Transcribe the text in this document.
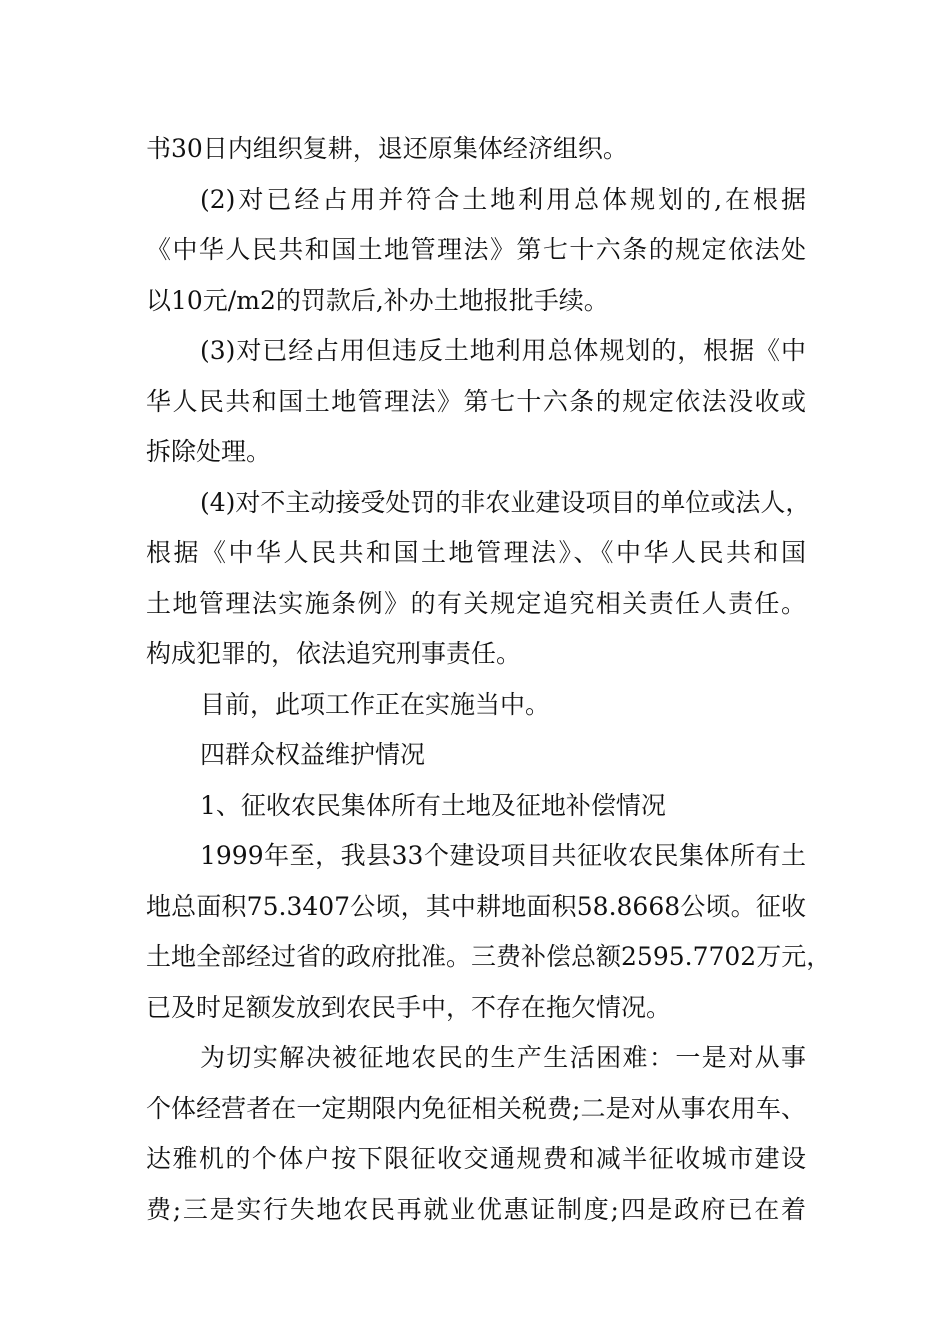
书30日内组织复耕，退还原集体经济组织。
(2)对已经占用并符合土地利用总体规划的,在根据
《中华人民共和国土地管理法》第七十六条的规定依法处
以10元/m2的罚款后,补办土地报批手续。
(3)对已经占用但违反土地利用总体规划的，根据《中
华人民共和国土地管理法》第七十六条的规定依法没收或
拆除处理。
(4)对不主动接受处罚的非农业建设项目的单位或法人，
根据《中华人民共和国土地管理法》、《中华人民共和国
土地管理法实施条例》的有关规定追究相关责任人责任。
构成犯罪的，依法追究刑事责任。
目前，此项工作正在实施当中。
四群众权益维护情况
1、征收农民集体所有土地及征地补偿情况
1999年至，我县33个建设项目共征收农民集体所有土
地总面积75.3407公顷，其中耕地面积58.8668公顷。征收
土地全部经过省的政府批准。三费补偿总额2595.7702万元，
已及时足额发放到农民手中，不存在拖欠情况。
为切实解决被征地农民的生产生活困难：一是对从事
个体经营者在一定期限内免征相关税费;二是对从事农用车、
达雅机的个体户按下限征收交通规费和减半征收城市建设
费;三是实行失地农民再就业优惠证制度;四是政府已在着
